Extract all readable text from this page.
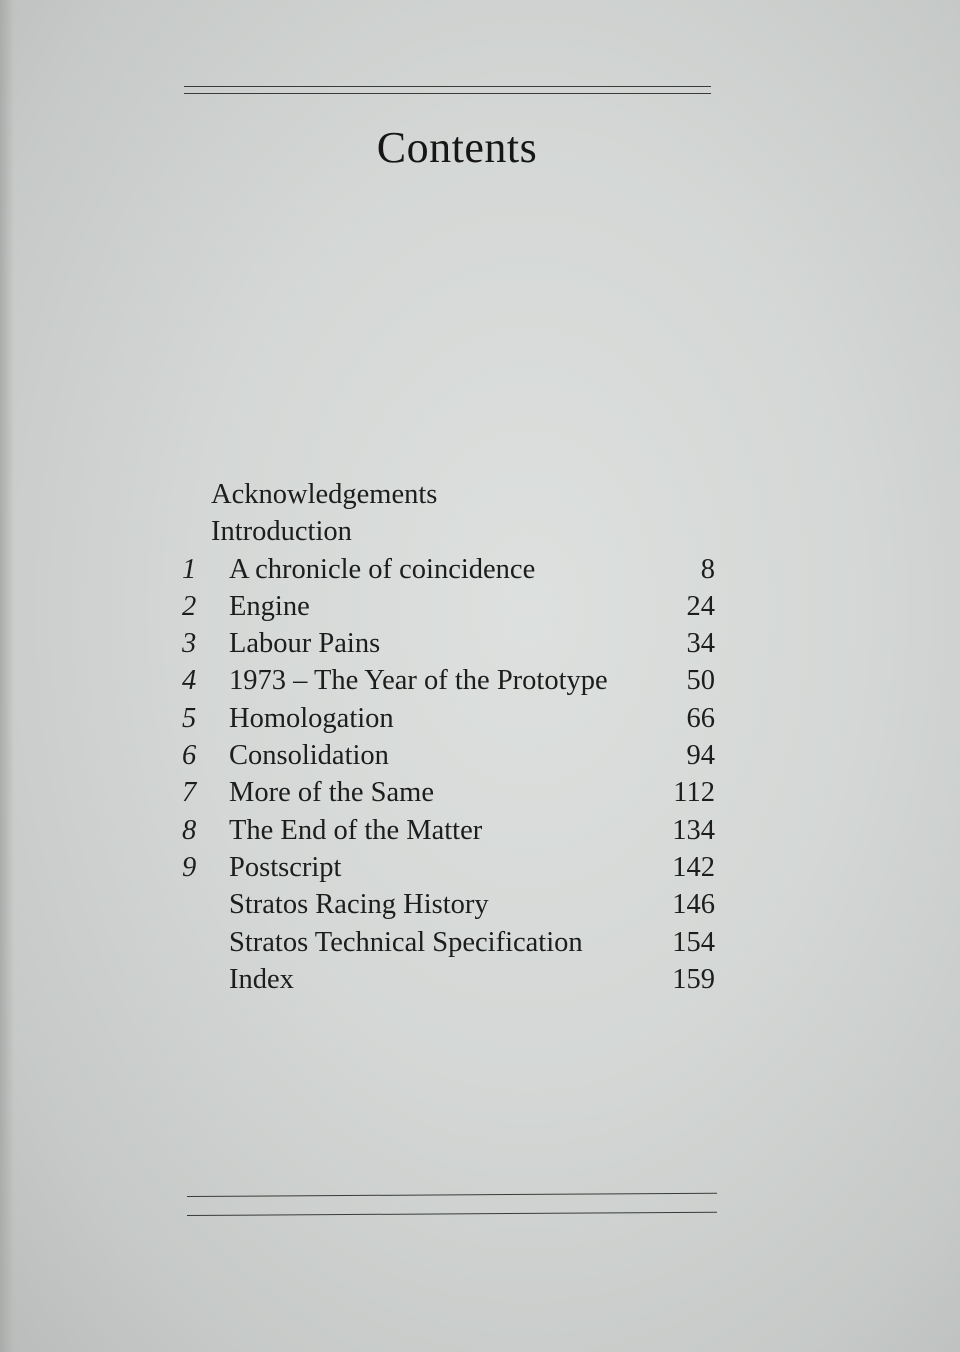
Contents
Acknowledgements
Introduction
1	A chronicle of coincidence	8
2	Engine	24
3	Labour Pains	34
4	1973 – The Year of the Prototype	50
5	Homologation	66
6	Consolidation	94
7	More of the Same	112
8	The End of the Matter	134
9	Postscript	142
Stratos Racing History	146
Stratos Technical Specification	154
Index	159
